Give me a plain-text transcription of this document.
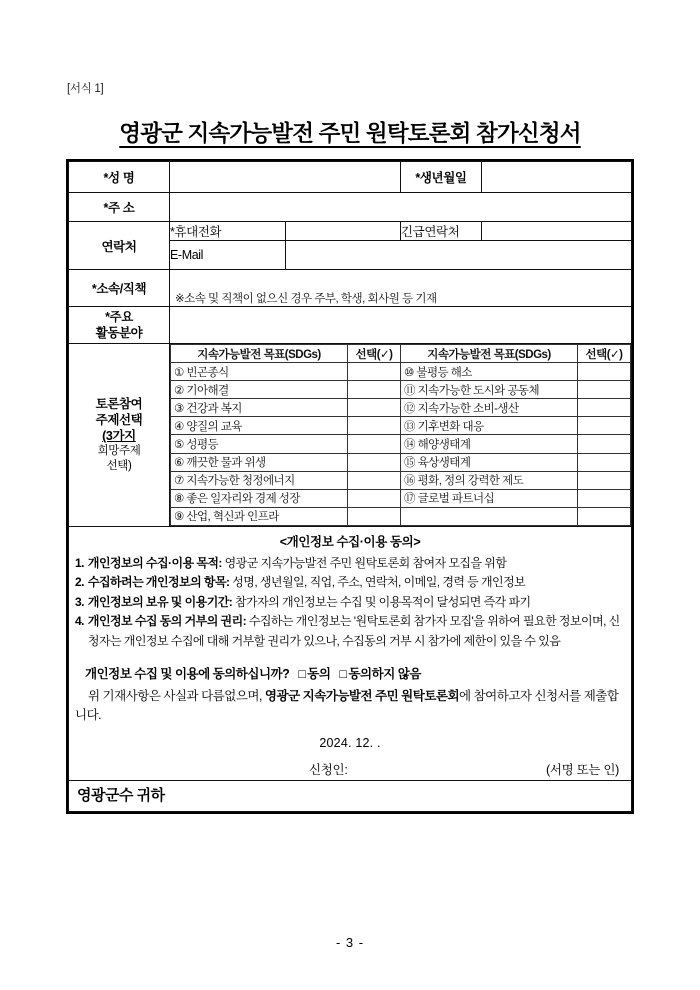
[서식 1]
영광군 지속가능발전 주민 원탁토론회 참가신청서
*성 명		*생년월일	
*주 소	
연락처	*휴대전화		긴급연락처	
E-Mail	
*소속/직책	
※소속 및 직책이 없으신 경우 주부, 학생, 회사원 등 기재

*주요
활동분야

토론참여
주제선택
(3가지
희망주제
선택)

지속가능발전 목표(SDGs)	선택(✓)	지속가능발전 목표(SDGs)	선택(✓)
① 빈곤종식		⑩ 불평등 해소	
② 기아해결		⑪ 지속가능한 도시와 공동체	
③ 건강과 복지		⑫ 지속가능한 소비-생산	
④ 양질의 교육		⑬ 기후변화 대응	
⑤ 성평등		⑭ 해양생태계	
⑥ 깨끗한 물과 위생		⑮ 육상생태계	
⑦ 지속가능한 청정에너지		⑯ 평화, 정의 강력한 제도	
⑧ 좋은 일자리와 경제 성장		⑰ 글로벌 파트너십	
⑨ 산업, 혁신과 인프라			

<개인정보 수집·이용 동의>
1. 개인정보의 수집·이용 목적: 영광군 지속가능발전 주민 원탁토론회 참여자 모집을 위함
2. 수집하려는 개인정보의 항목: 성명, 생년월일, 직업, 주소, 연락처, 이메일, 경력 등 개인정보
3. 개인정보의 보유 및 이용기간: 참가자의 개인정보는 수집 및 이용목적이 달성되면 즉각 파기
4. 개인정보 수집 동의 거부의 권리: 수집하는 개인정보는 '원탁토론회 참가자 모집'을 위하여 필요한 정보이며, 신청자는 개인정보 수집에 대해 거부할 권리가 있으나, 수집동의 거부 시 참가에 제한이 있을 수 있음
개인정보 수집 및 이용에 동의하십니까? □ 동의 □ 동의하지 않음
위 기재사항은 사실과 다름없으며, 영광군 지속가능발전 주민 원탁토론회에 참여하고자 신청서를 제출합니다.
2024. 12. .
신청인:	(서명 또는 인)

영광군수 귀하
- 3 -
